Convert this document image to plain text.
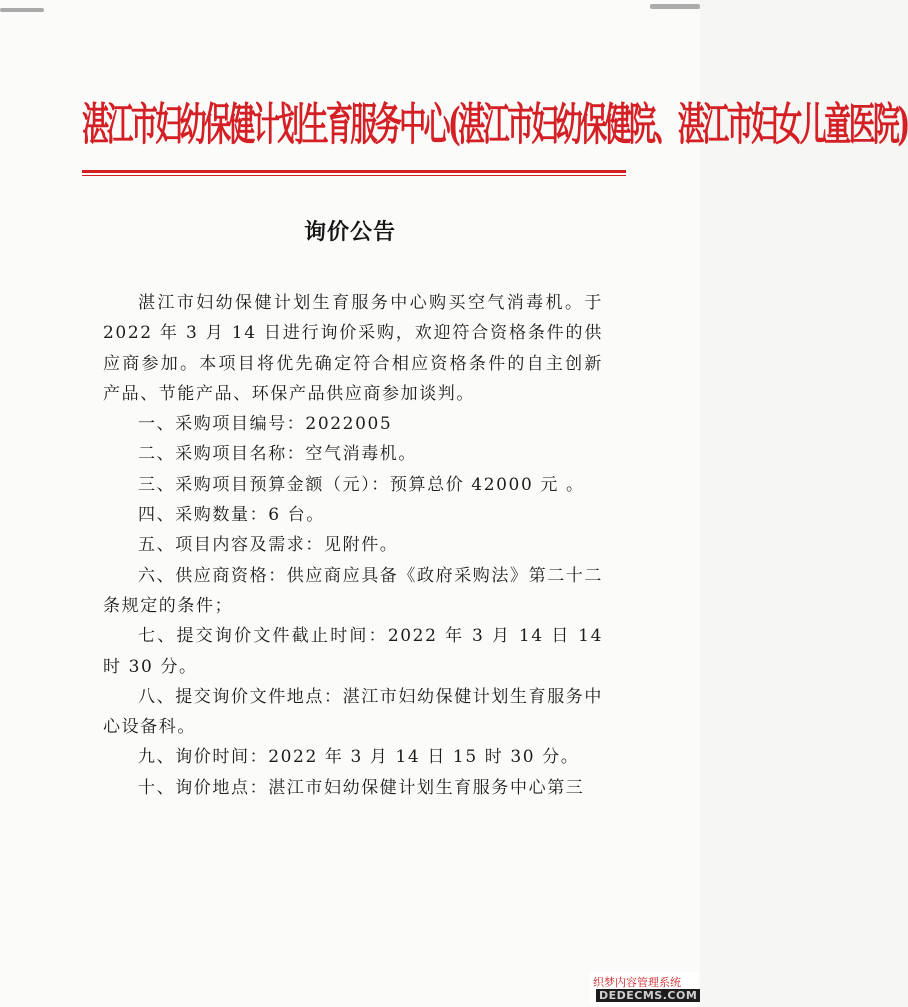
湛江市妇幼保健计划生育服务中心(湛江市妇幼保健院、湛江市妇女儿童医院)
询价公告

湛江市妇幼保健计划生育服务中心购买空气消毒机。于2022 年 3 月 14 日进行询价采购，欢迎符合资格条件的供应商参加。本项目将优先确定符合相应资格条件的自主创新产品、节能产品、环保产品供应商参加谈判。

一、采购项目编号：2022005

二、采购项目名称：空气消毒机。

三、采购项目预算金额（元）：预算总价 42000 元 。

四、采购数量：6 台。

五、项目内容及需求：见附件。

六、供应商资格：供应商应具备《政府采购法》第二十二条规定的条件；

七、提交询价文件截止时间：2022 年 3 月 14 日 14 时 30 分。

八、提交询价文件地点：湛江市妇幼保健计划生育服务中心设备科。

九、询价时间：2022 年 3 月 14 日 15 时 30 分。

十、询价地点：湛江市妇幼保健计划生育服务中心第三

织梦内容管理系统
DEDECMS.COM
